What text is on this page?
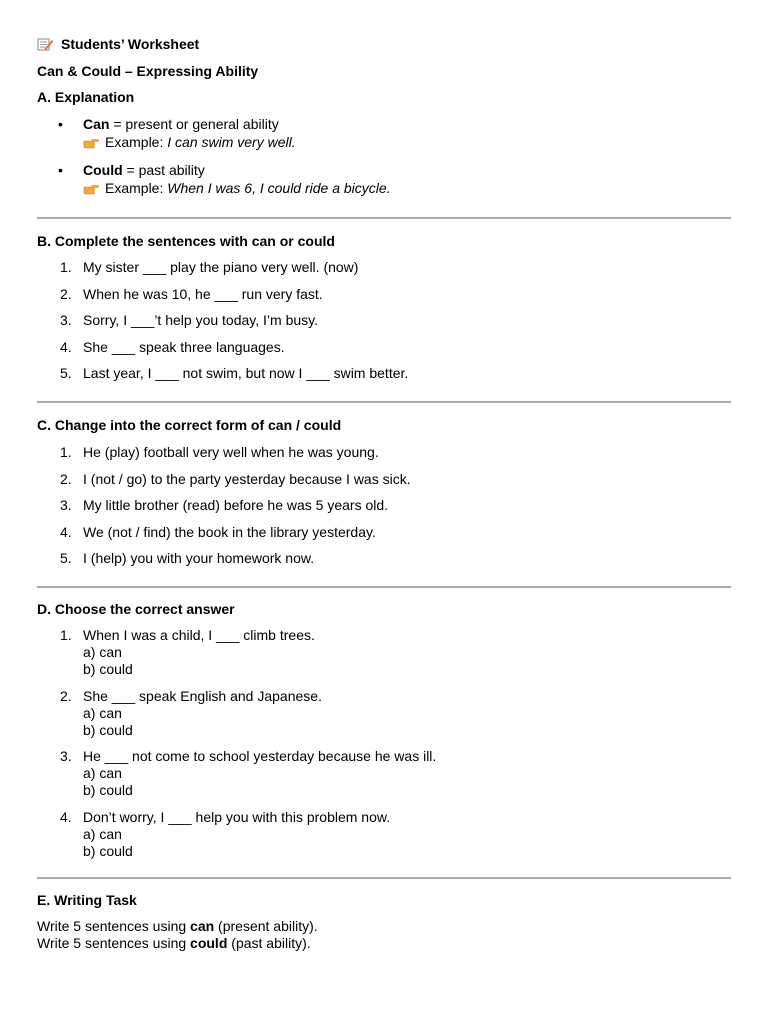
Students’ Worksheet
Can & Could – Expressing Ability
A. Explanation
• Can = present or general ability
Example: I can swim very well.
• Could = past ability
Example: When I was 6, I could ride a bicycle.
B. Complete the sentences with can or could
1. My sister ___ play the piano very well. (now)
2. When he was 10, he ___ run very fast.
3. Sorry, I ___’t help you today, I’m busy.
4. She ___ speak three languages.
5. Last year, I ___ not swim, but now I ___ swim better.
C. Change into the correct form of can / could
1. He (play) football very well when he was young.
2. I (not / go) to the party yesterday because I was sick.
3. My little brother (read) before he was 5 years old.
4. We (not / find) the book in the library yesterday.
5. I (help) you with your homework now.
D. Choose the correct answer
1. When I was a child, I ___ climb trees.
a) can
b) could
2. She ___ speak English and Japanese.
a) can
b) could
3. He ___ not come to school yesterday because he was ill.
a) can
b) could
4. Don’t worry, I ___ help you with this problem now.
a) can
b) could
E. Writing Task
Write 5 sentences using can (present ability).
Write 5 sentences using could (past ability).
